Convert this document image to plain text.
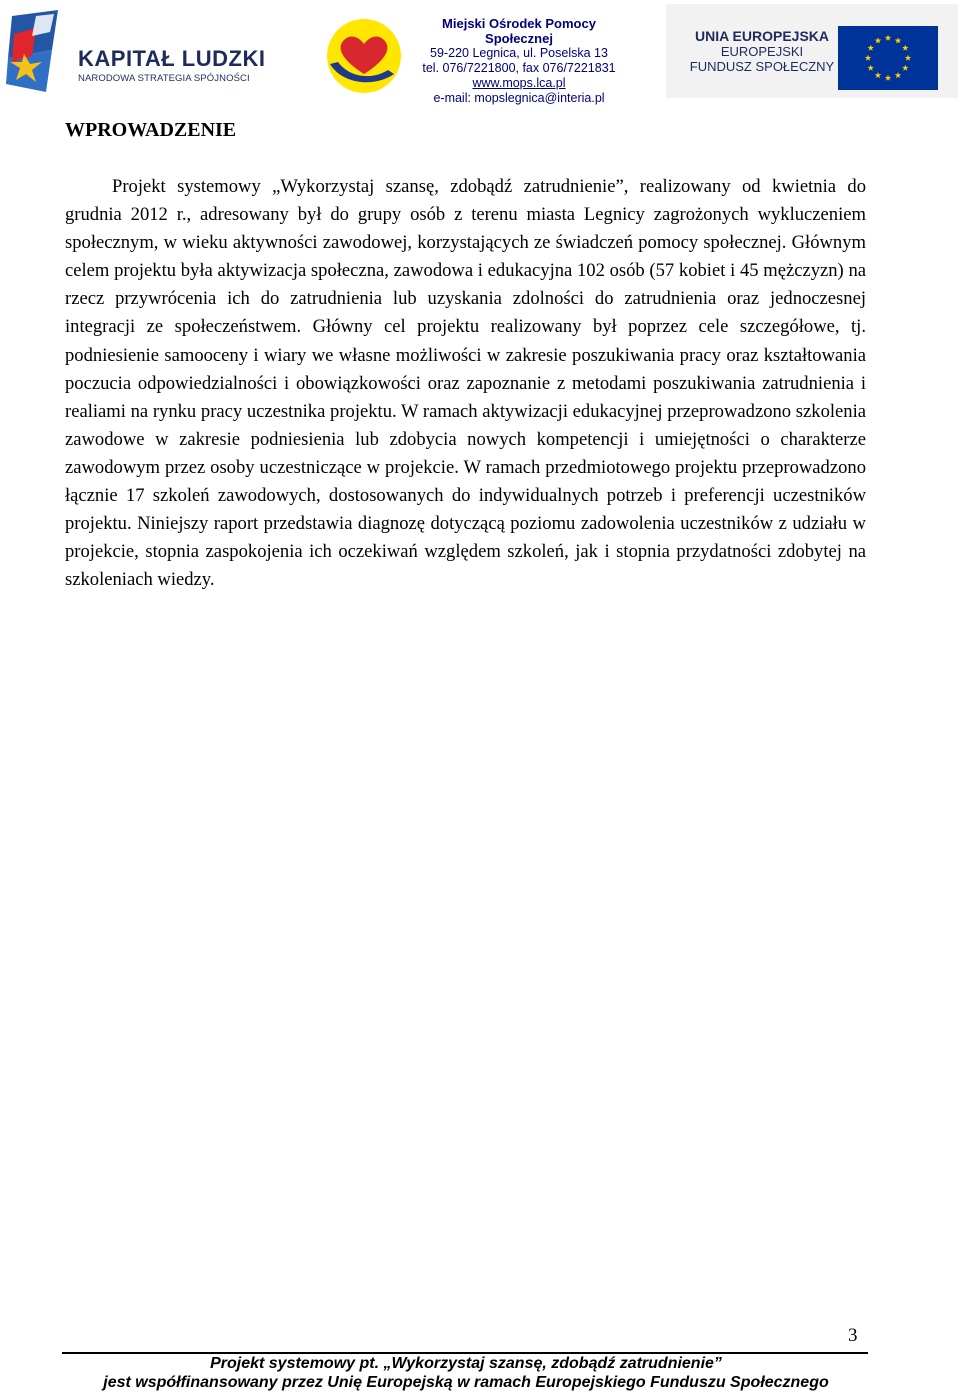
KAPITAŁ LUDZKI
NARODOWA STRATEGIA SPÓJNOŚCI
Miejski Ośrodek Pomocy Społecznej
59-220 Legnica, ul. Poselska 13
tel. 076/7221800, fax 076/7221831
www.mops.lca.pl
e-mail: mopslegnica@interia.pl
UNIA EUROPEJSKA
EUROPEJSKI
FUNDUSZ SPOŁECZNY
WPROWADZENIE

Projekt systemowy „Wykorzystaj szansę, zdobądź zatrudnienie”, realizowany od kwietnia do grudnia 2012 r., adresowany był do grupy osób z terenu miasta Legnicy zagrożonych wykluczeniem społecznym, w wieku aktywności zawodowej, korzystających ze świadczeń pomocy społecznej. Głównym celem projektu była aktywizacja społeczna, zawodowa i edukacyjna 102 osób (57 kobiet i 45 mężczyzn) na rzecz przywrócenia ich do zatrudnienia lub uzyskania zdolności do zatrudnienia oraz jednoczesnej integracji ze społeczeństwem. Główny cel projektu realizowany był poprzez cele szczegółowe, tj. podniesienie samooceny i wiary we własne możliwości w zakresie poszukiwania pracy oraz kształtowania poczucia odpowiedzialności i obowiązkowości oraz zapoznanie z metodami poszukiwania zatrudnienia i realiami na rynku pracy uczestnika projektu. W ramach aktywizacji edukacyjnej przeprowadzono szkolenia zawodowe w zakresie podniesienia lub zdobycia nowych kompetencji i umiejętności o charakterze zawodowym przez osoby uczestniczące w projekcie. W ramach przedmiotowego projektu przeprowadzono łącznie 17 szkoleń zawodowych, dostosowanych do indywidualnych potrzeb i preferencji uczestników projektu. Niniejszy raport przedstawia diagnozę dotyczącą poziomu zadowolenia uczestników z udziału w projekcie, stopnia zaspokojenia ich oczekiwań względem szkoleń, jak i stopnia przydatności zdobytej na szkoleniach wiedzy.

3
Projekt systemowy pt. „Wykorzystaj szansę, zdobądź zatrudnienie”
jest współfinansowany przez Unię Europejską w ramach Europejskiego Funduszu Społecznego
